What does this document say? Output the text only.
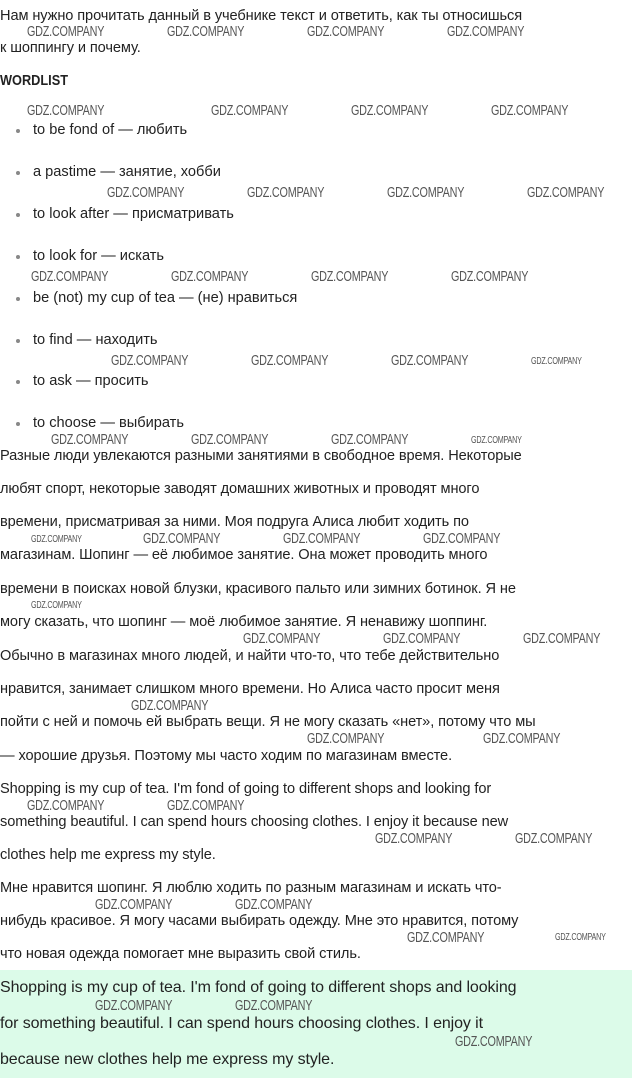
Нам нужно прочитать данный в учебнике текст и ответить, как ты относишься
к шоппингу и почему.
WORDLIST
to be fond of — любить
a pastime — занятие, хобби
to look after — присматривать
to look for — искать
be (not) my cup of tea — (не) нравиться
to find — находить
to ask — просить
to choose — выбирать
Разные люди увлекаются разными занятиями в свободное время. Некоторые
любят спорт, некоторые заводят домашних животных и проводят много
времени, присматривая за ними. Моя подруга Алиса любит ходить по
магазинам. Шопинг — её любимое занятие. Она может проводить много
времени в поисках новой блузки, красивого пальто или зимних ботинок. Я не
могу сказать, что шопинг — моё любимое занятие. Я ненавижу шоппинг.
Обычно в магазинах много людей, и найти что-то, что тебе действительно
нравится, занимает слишком много времени. Но Алиса часто просит меня
пойти с ней и помочь ей выбрать вещи. Я не могу сказать «нет», потому что мы
— хорошие друзья. Поэтому мы часто ходим по магазинам вместе.
Shopping is my cup of tea. I'm fond of going to different shops and looking for
something beautiful. I can spend hours choosing clothes. I enjoy it because new
clothes help me express my style.
Мне нравится шопинг. Я люблю ходить по разным магазинам и искать что-
нибудь красивое. Я могу часами выбирать одежду. Мне это нравится, потому
что новая одежда помогает мне выразить свой стиль.
Shopping is my cup of tea. I'm fond of going to different shops and looking
for something beautiful. I can spend hours choosing clothes. I enjoy it
because new clothes help me express my style.
GDZ.COMPANY	GDZ.COMPANY	GDZ.COMPANY	GDZ.COMPANY
GDZ.COMPANY	GDZ.COMPANY	GDZ.COMPANY	GDZ.COMPANY
GDZ.COMPANY	GDZ.COMPANY	GDZ.COMPANY	GDZ.COMPANY
GDZ.COMPANY	GDZ.COMPANY	GDZ.COMPANY	GDZ.COMPANY
GDZ.COMPANY	GDZ.COMPANY	GDZ.COMPANY	GDZ.COMPANY
GDZ.COMPANY	GDZ.COMPANY	GDZ.COMPANY	GDZ.COMPANY
GDZ.COMPANY	GDZ.COMPANY	GDZ.COMPANY	GDZ.COMPANY
GDZ.COMPANY
GDZ.COMPANY	GDZ.COMPANY	GDZ.COMPANY
GDZ.COMPANY
GDZ.COMPANY	GDZ.COMPANY
GDZ.COMPANY	GDZ.COMPANY
GDZ.COMPANY	GDZ.COMPANY
GDZ.COMPANY	GDZ.COMPANY
GDZ.COMPANY	GDZ.COMPANY
GDZ.COMPANY	GDZ.COMPANY
GDZ.COMPANY
